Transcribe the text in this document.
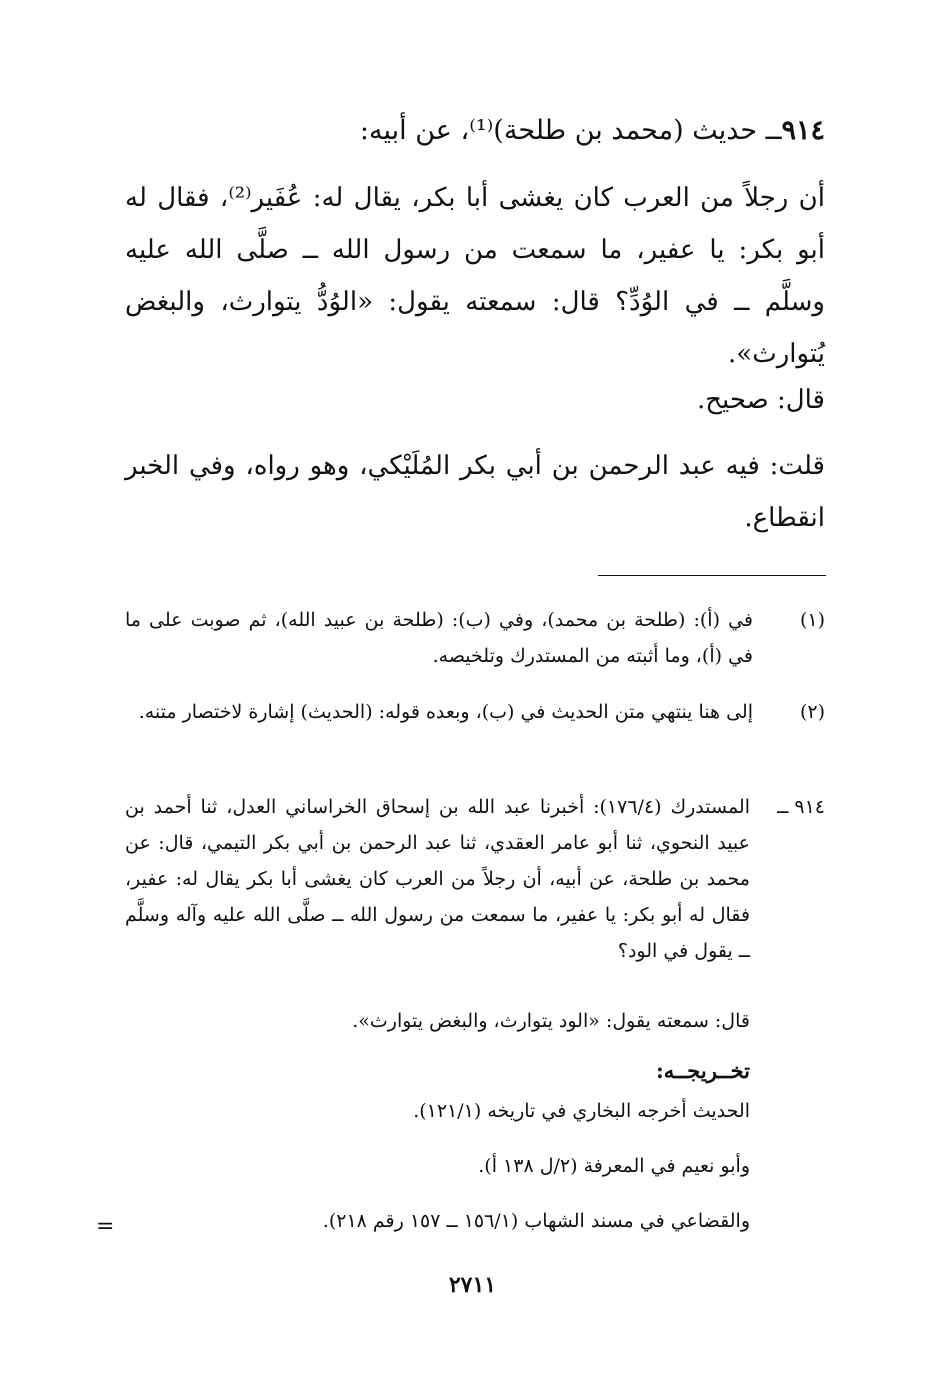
٩١٤ــ حديث (محمد بن طلحة)⁽¹⁾، عن أبيه:
أن رجلاً من العرب كان يغشى أبا بكر، يقال له: عُفَير⁽²⁾، فقال له أبو بكر: يا عفير، ما سمعت من رسول الله ــ صلَّى الله عليه وسلَّم ــ في الوُدِّ؟ قال: سمعته يقول: «الوُدُّ يتوارث، والبغض يُتوارث».
قال: صحيح.
قلت: فيه عبد الرحمن بن أبي بكر المُلَيْكي، وهو رواه، وفي الخبر انقطاع.
(١)
في (أ): (طلحة بن محمد)، وفي (ب): (طلحة بن عبيد الله)، ثم صوبت على ما في (أ)، وما أثبته من المستدرك وتلخيصه.
(٢)
إلى هنا ينتهي متن الحديث في (ب)، وبعده قوله: (الحديث) إشارة لاختصار متنه.
٩١٤ ــ
المستدرك (١٧٦/٤): أخبرنا عبد الله بن إسحاق الخراساني العدل، ثنا أحمد بن عبيد النحوي، ثنا أبو عامر العقدي، ثنا عبد الرحمن بن أبي بكر التيمي، قال: عن محمد بن طلحة، عن أبيه، أن رجلاً من العرب كان يغشى أبا بكر يقال له: عفير، فقال له أبو بكر: يا عفير، ما سمعت من رسول الله ــ صلَّى الله عليه وآله وسلَّم ــ يقول في الود؟
قال: سمعته يقول: «الود يتوارث، والبغض يتوارث».
تخــريجــه:
الحديث أخرجه البخاري في تاريخه (١٢١/١).
وأبو نعيم في المعرفة (٢/ل ١٣٨ أ).
والقضاعي في مسند الشهاب (١٥٦/١ ــ ١٥٧ رقم ٢١٨).
=
٢٧١١
